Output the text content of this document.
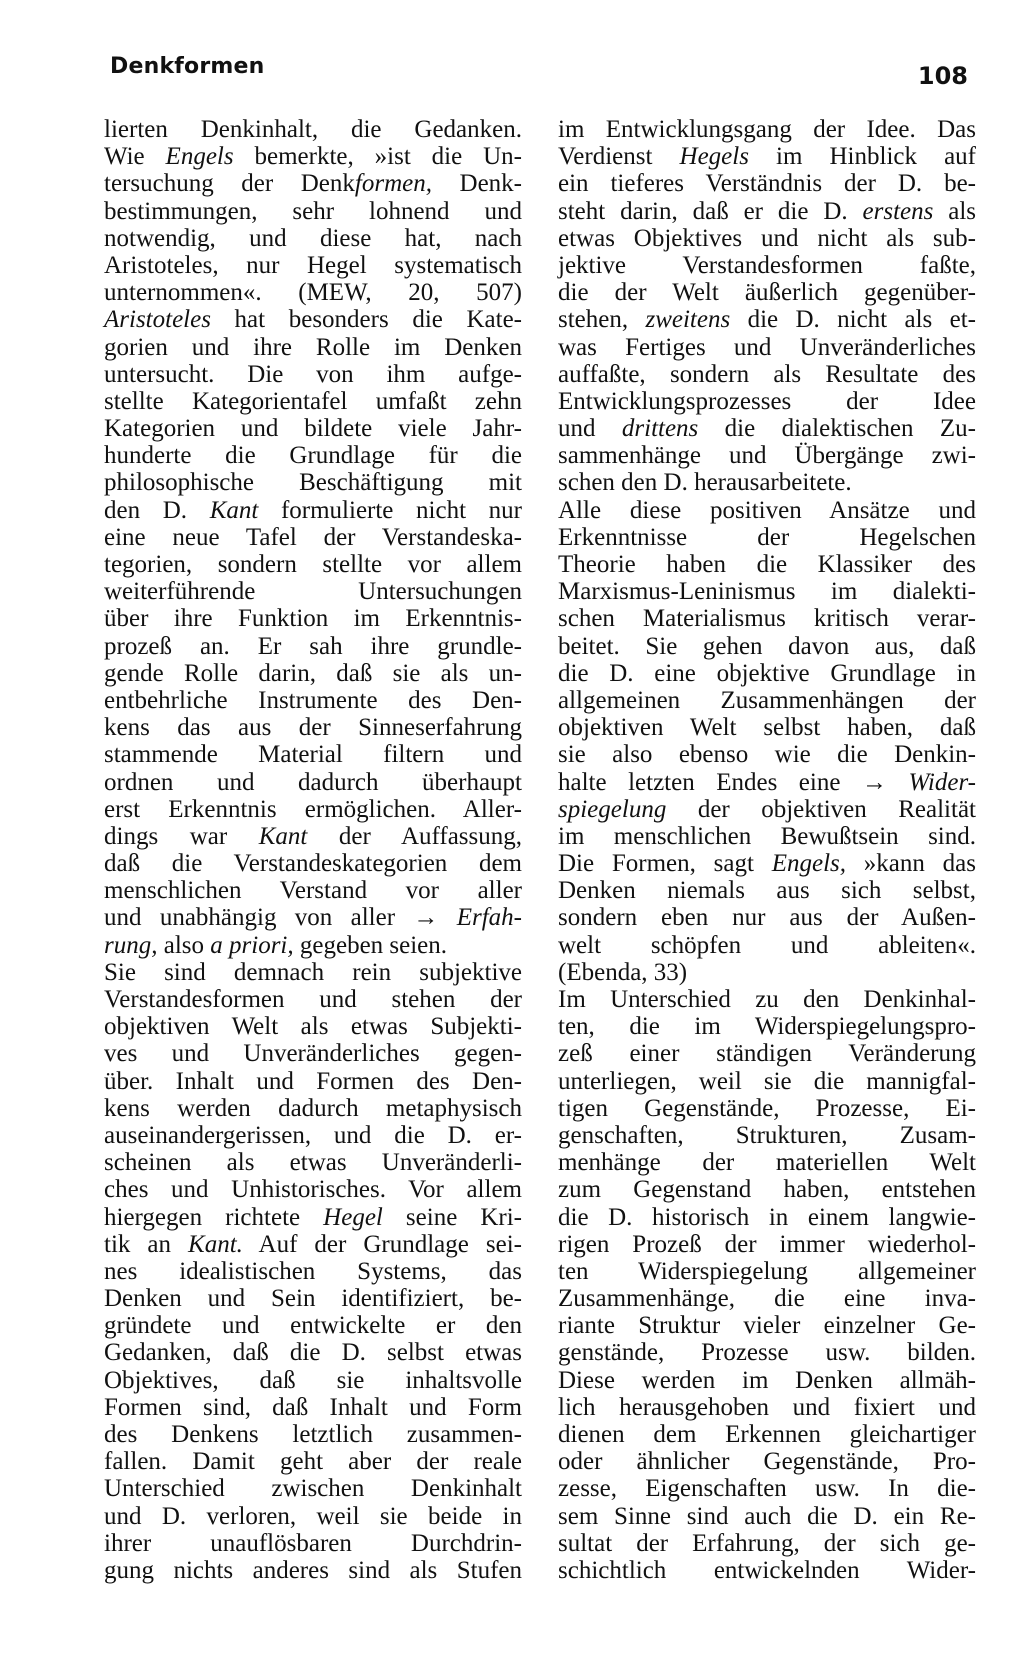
Denkformen	108
lierten Denkinhalt, die Gedanken.
Wie Engels bemerkte, »ist die Un-
tersuchung der Denkformen, Denk-
bestimmungen, sehr lohnend und
notwendig, und diese hat, nach
Aristoteles, nur Hegel systematisch
unternommen«. (MEW, 20, 507)
Aristoteles hat besonders die Kate-
gorien und ihre Rolle im Denken
untersucht. Die von ihm aufge-
stellte Kategorientafel umfaßt zehn
Kategorien und bildete viele Jahr-
hunderte die Grundlage für die
philosophische Beschäftigung mit
den D. Kant formulierte nicht nur
eine neue Tafel der Verstandeska-
tegorien, sondern stellte vor allem
weiterführende Untersuchungen
über ihre Funktion im Erkenntnis-
prozeß an. Er sah ihre grundle-
gende Rolle darin, daß sie als un-
entbehrliche Instrumente des Den-
kens das aus der Sinneserfahrung
stammende Material filtern und
ordnen und dadurch überhaupt
erst Erkenntnis ermöglichen. Aller-
dings war Kant der Auffassung,
daß die Verstandeskategorien dem
menschlichen Verstand vor aller
und unabhängig von aller → Erfah-
rung, also a priori, gegeben seien.
Sie sind demnach rein subjektive
Verstandesformen und stehen der
objektiven Welt als etwas Subjekti-
ves und Unveränderliches gegen-
über. Inhalt und Formen des Den-
kens werden dadurch metaphysisch
auseinandergerissen, und die D. er-
scheinen als etwas Unveränderli-
ches und Unhistorisches. Vor allem
hiergegen richtete Hegel seine Kri-
tik an Kant. Auf der Grundlage sei-
nes idealistischen Systems, das
Denken und Sein identifiziert, be-
gründete und entwickelte er den
Gedanken, daß die D. selbst etwas
Objektives, daß sie inhaltsvolle
Formen sind, daß Inhalt und Form
des Denkens letztlich zusammen-
fallen. Damit geht aber der reale
Unterschied zwischen Denkinhalt
und D. verloren, weil sie beide in
ihrer unauflösbaren Durchdrin-
gung nichts anderes sind als Stufen
im Entwicklungsgang der Idee. Das
Verdienst Hegels im Hinblick auf
ein tieferes Verständnis der D. be-
steht darin, daß er die D. erstens als
etwas Objektives und nicht als sub-
jektive Verstandesformen faßte,
die der Welt äußerlich gegenüber-
stehen, zweitens die D. nicht als et-
was Fertiges und Unveränderliches
auffaßte, sondern als Resultate des
Entwicklungsprozesses der Idee
und drittens die dialektischen Zu-
sammenhänge und Übergänge zwi-
schen den D. herausarbeitete.
Alle diese positiven Ansätze und
Erkenntnisse der Hegelschen
Theorie haben die Klassiker des
Marxismus-Leninismus im dialekti-
schen Materialismus kritisch verar-
beitet. Sie gehen davon aus, daß
die D. eine objektive Grundlage in
allgemeinen Zusammenhängen der
objektiven Welt selbst haben, daß
sie also ebenso wie die Denkin-
halte letzten Endes eine → Wider-
spiegelung der objektiven Realität
im menschlichen Bewußtsein sind.
Die Formen, sagt Engels, »kann das
Denken niemals aus sich selbst,
sondern eben nur aus der Außen-
welt schöpfen und ableiten«.
(Ebenda, 33)
Im Unterschied zu den Denkinhal-
ten, die im Widerspiegelungspro-
zeß einer ständigen Veränderung
unterliegen, weil sie die mannigfal-
tigen Gegenstände, Prozesse, Ei-
genschaften, Strukturen, Zusam-
menhänge der materiellen Welt
zum Gegenstand haben, entstehen
die D. historisch in einem langwie-
rigen Prozeß der immer wiederhol-
ten Widerspiegelung allgemeiner
Zusammenhänge, die eine inva-
riante Struktur vieler einzelner Ge-
genstände, Prozesse usw. bilden.
Diese werden im Denken allmäh-
lich herausgehoben und fixiert und
dienen dem Erkennen gleichartiger
oder ähnlicher Gegenstände, Pro-
zesse, Eigenschaften usw. In die-
sem Sinne sind auch die D. ein Re-
sultat der Erfahrung, der sich ge-
schichtlich entwickelnden Wider-
